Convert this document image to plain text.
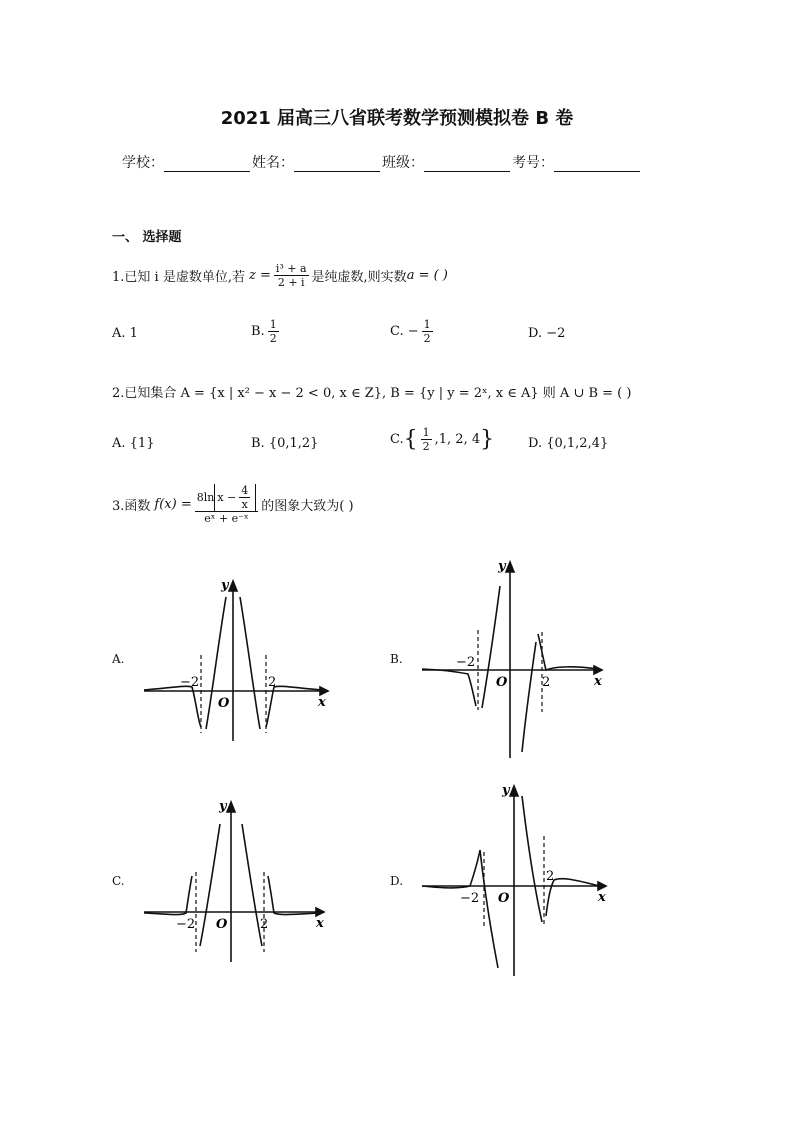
2021 届高三八省联考数学预测模拟卷 B 卷
学校：	姓名：	班级：	考号：
一、 选择题
1.已知 i 是虚数单位,若 $z = \frac{\text{i³ + a}}{2 + i}$ 是纯虚数,则实数 a = ( )
A. 1	B. $\frac{1}{2}$	C. − $\frac{1}{2}$	D. −2
2.已知集合 A = {x | x² − x − 2 < 0, x ∈ Z}, B = {y | y = 2ˣ, x ∈ A} 则 A ∪ B = ( )
A. {1}	B. {0,1,2}	C. { $\frac{1}{2} ,1$, 2, 4 }	D. {0,1,2,4}
3.函数 $f(x) = \frac{8\ln x - \frac{4}{x}}{\text{eˣ + e⁻ˣ}}$ 的图象大致为( )
A.	B.
C.	D.
−2	2
O	x
y
−2
2
O	x
y
−2	2
O	x
y
−2
2
O	x
y
